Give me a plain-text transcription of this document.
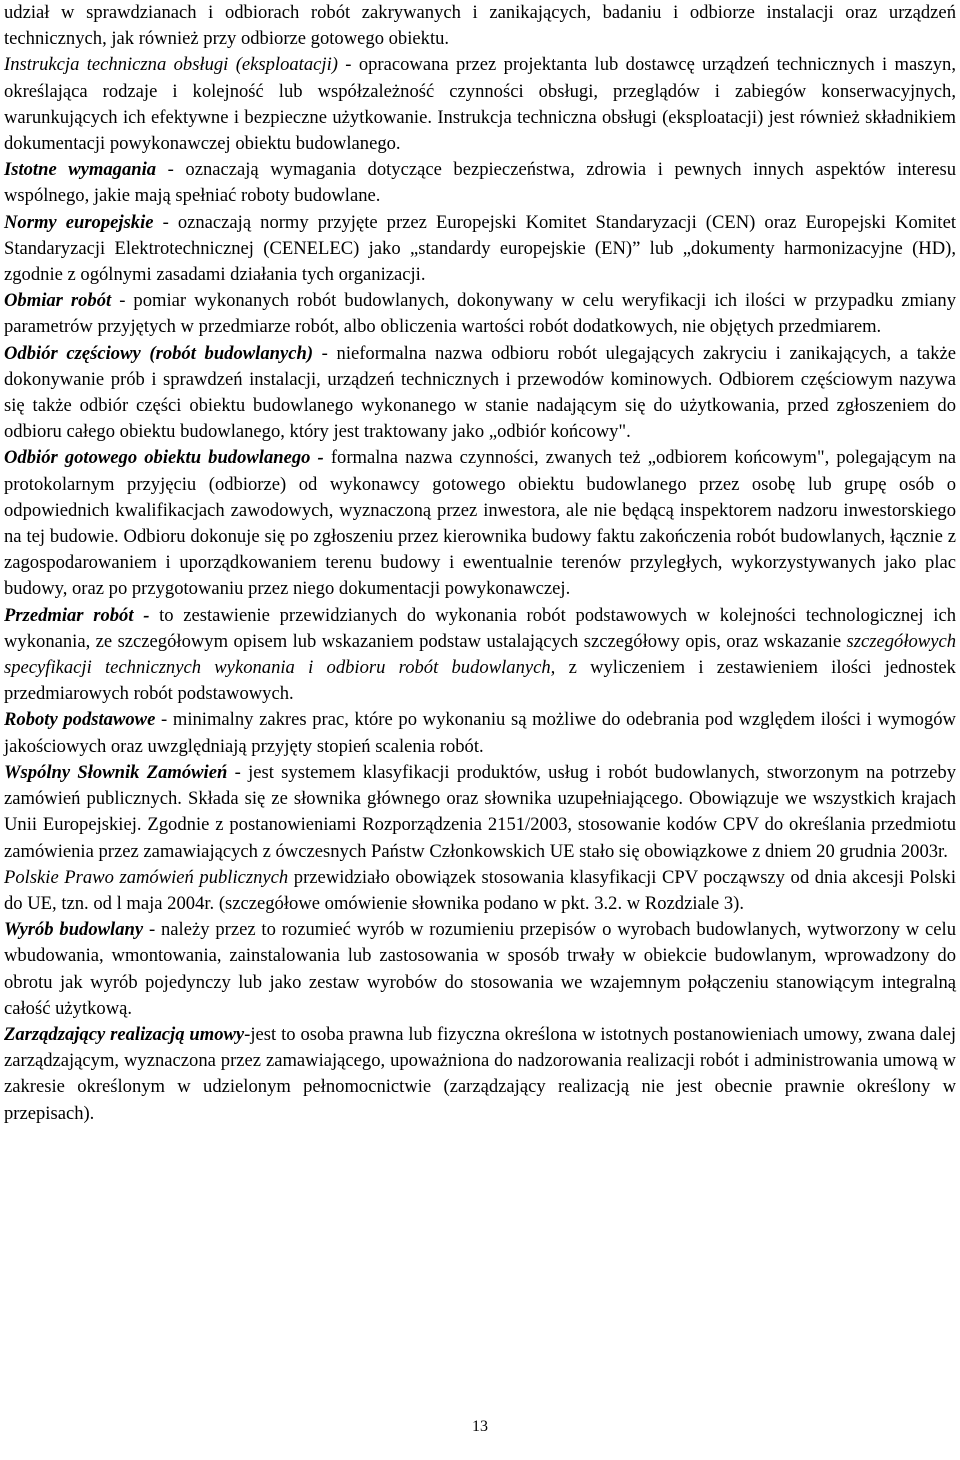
udział w sprawdzianach i odbiorach robót zakrywanych i zanikających, badaniu i odbiorze instalacji oraz urządzeń technicznych, jak również przy odbiorze gotowego obiektu.

Instrukcja techniczna obsługi (eksploatacji) - opracowana przez projektanta lub dostawcę urządzeń technicznych i maszyn, określająca rodzaje i kolejność lub współzależność czynności obsługi, przeglądów i zabiegów konserwacyjnych, warunkujących ich efektywne i bezpieczne użytkowanie. Instrukcja techniczna obsługi (eksploatacji) jest również składnikiem dokumentacji powykonawczej obiektu budowlanego.

Istotne wymagania - oznaczają wymagania dotyczące bezpieczeństwa, zdrowia i pewnych innych aspektów interesu wspólnego, jakie mają spełniać roboty budowlane.

Normy europejskie - oznaczają normy przyjęte przez Europejski Komitet Standaryzacji (CEN) oraz Europejski Komitet Standaryzacji Elektrotechnicznej (CENELEC) jako „standardy europejskie (EN)” lub „dokumenty harmonizacyjne (HD), zgodnie z ogólnymi zasadami działania tych organizacji.

Obmiar robót - pomiar wykonanych robót budowlanych, dokonywany w celu weryfikacji ich ilości w przypadku zmiany parametrów przyjętych w przedmiarze robót, albo obliczenia wartości robót dodatkowych, nie objętych przedmiarem.

Odbiór częściowy (robót budowlanych) - nieformalna nazwa odbioru robót ulegających zakryciu i zanikających, a także dokonywanie prób i sprawdzeń instalacji, urządzeń technicznych i przewodów kominowych. Odbiorem częściowym nazywa się także odbiór części obiektu budowlanego wykonanego w stanie nadającym się do użytkowania, przed zgłoszeniem do odbioru całego obiektu budowlanego, który jest traktowany jako „odbiór końcowy".

Odbiór gotowego obiektu budowlanego - formalna nazwa czynności, zwanych też „odbiorem końcowym", polegającym na protokolarnym przyjęciu (odbiorze) od wykonawcy gotowego obiektu budowlanego przez osobę lub grupę osób o odpowiednich kwalifikacjach zawodowych, wyznaczoną przez inwestora, ale nie będącą inspektorem nadzoru inwestorskiego na tej budowie. Odbioru dokonuje się po zgłoszeniu przez kierownika budowy faktu zakończenia robót budowlanych, łącznie z zagospodarowaniem i uporządkowaniem terenu budowy i ewentualnie terenów przyległych, wykorzystywanych jako plac budowy, oraz po przygotowaniu przez niego dokumentacji powykonawczej.

Przedmiar robót - to zestawienie przewidzianych do wykonania robót podstawowych w kolejności technologicznej ich wykonania, ze szczegółowym opisem lub wskazaniem podstaw ustalających szczegółowy opis, oraz wskazanie szczegółowych specyfikacji technicznych wykonania i odbioru robót budowlanych, z wyliczeniem i zestawieniem ilości jednostek przedmiarowych robót podstawowych.

Roboty podstawowe - minimalny zakres prac, które po wykonaniu są możliwe do odebrania pod względem ilości i wymogów jakościowych oraz uwzględniają przyjęty stopień scalenia robót.

Wspólny Słownik Zamówień - jest systemem klasyfikacji produktów, usług i robót budowlanych, stworzonym na potrzeby zamówień publicznych. Składa się ze słownika głównego oraz słownika uzupełniającego. Obowiązuje we wszystkich krajach Unii Europejskiej. Zgodnie z postanowieniami Rozporządzenia 2151/2003, stosowanie kodów CPV do określania przedmiotu zamówienia przez zamawiających z ówczesnych Państw Członkowskich UE stało się obowiązkowe z dniem 20 grudnia 2003r.

Polskie Prawo zamówień publicznych przewidziało obowiązek stosowania klasyfikacji CPV począwszy od dnia akcesji Polski do UE, tzn. od l maja 2004r. (szczegółowe omówienie słownika podano w pkt. 3.2. w Rozdziale 3).

Wyrób budowlany - należy przez to rozumieć wyrób w rozumieniu przepisów o wyrobach budowlanych, wytworzony w celu wbudowania, wmontowania, zainstalowania lub zastosowania w sposób trwały w obiekcie budowlanym, wprowadzony do obrotu jak wyrób pojedynczy lub jako zestaw wyrobów do stosowania we wzajemnym połączeniu stanowiącym integralną całość użytkową.

Zarządzający realizacją umowy-jest to osoba prawna lub fizyczna określona w istotnych postanowieniach umowy, zwana dalej zarządzającym, wyznaczona przez zamawiającego, upoważniona do nadzorowania realizacji robót i administrowania umową w zakresie określonym w udzielonym pełnomocnictwie (zarządzający realizacją nie jest obecnie prawnie określony w przepisach).

13
